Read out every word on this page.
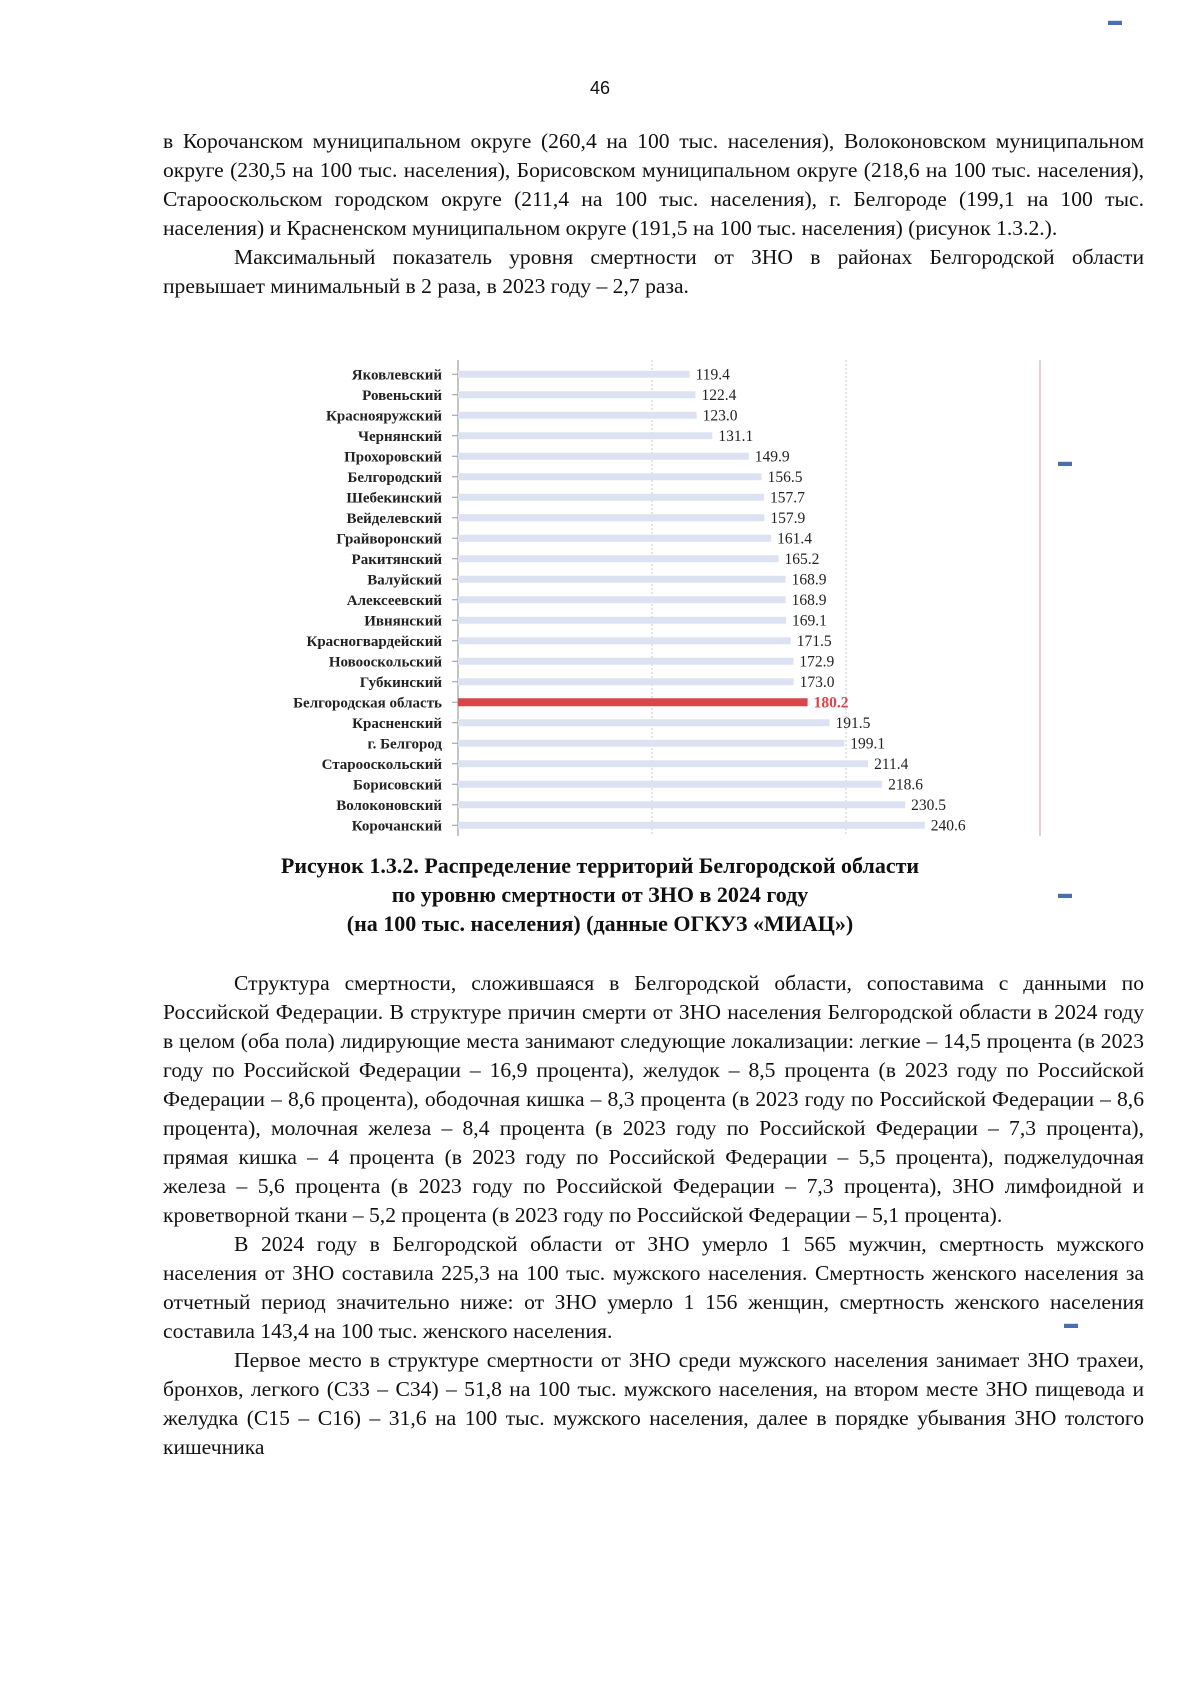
46

в Корочанском муниципальном округе (260,4 на 100 тыс. населения), Волоконовском муниципальном округе (230,5 на 100 тыс. населения), Борисовском муниципальном округе (218,6 на 100 тыс. населения), Старооскольском городском округе (211,4 на 100 тыс. населения), г. Белгороде (199,1 на 100 тыс. населения) и Красненском муниципальном округе (191,5 на 100 тыс. населения) (рисунок 1.3.2.).

Максимальный показатель уровня смертности от ЗНО в районах Белгородской области превышает минимальный в 2 раза, в 2023 году – 2,7 раза.

Яковлевский	119.4
Ровеньский	122.4
Краснояружский	123.0
Чернянский	131.1
Прохоровский	149.9
Белгородский	156.5
Шебекинский	157.7
Вейделевский	157.9
Грайворонский	161.4
Ракитянский	165.2
Валуйский	168.9
Алексеевский	168.9
Ивнянский	169.1
Красногвардейский	171.5
Новооскольский	172.9
Губкинский	173.0
Белгородская область	180.2
Красненский	191.5
г. Белгород	199.1
Старооскольский	211.4
Борисовский	218.6
Волоконовский	230.5
Корочанский	240.6
Рисунок 1.3.2. Распределение территорий Белгородской области
по уровню смертности от ЗНО в 2024 году
(на 100 тыс. населения) (данные ОГКУЗ «МИАЦ»)

Структура смертности, сложившаяся в Белгородской области, сопоставима с данными по Российской Федерации. В структуре причин смерти от ЗНО населения Белгородской области в 2024 году в целом (оба пола) лидирующие места занимают следующие локализации: легкие – 14,5 процента (в 2023 году по Российской Федерации – 16,9 процента), желудок – 8,5 процента (в 2023 году по Российской Федерации – 8,6 процента), ободочная кишка – 8,3 процента (в 2023 году по Российской Федерации – 8,6 процента), молочная железа – 8,4 процента (в 2023 году по Российской Федерации – 7,3 процента), прямая кишка – 4 процента (в 2023 году по Российской Федерации – 5,5 процента), поджелудочная железа – 5,6 процента (в 2023 году по Российской Федерации – 7,3 процента), ЗНО лимфоидной и кроветворной ткани – 5,2 процента (в 2023 году по Российской Федерации – 5,1 процента).

В 2024 году в Белгородской области от ЗНО умерло 1 565 мужчин, смертность мужского населения от ЗНО составила 225,3 на 100 тыс. мужского населения. Смертность женского населения за отчетный период значительно ниже: от ЗНО умерло 1 156 женщин, смертность женского населения составила 143,4 на 100 тыс. женского населения.

Первое место в структуре смертности от ЗНО среди мужского населения занимает ЗНО трахеи, бронхов, легкого (С33 – С34) – 51,8 на 100 тыс. мужского населения, на втором месте ЗНО пищевода и желудка (С15 – С16) – 31,6 на 100 тыс. мужского населения, далее в порядке убывания ЗНО толстого кишечника

▬
▬
▬
▬
